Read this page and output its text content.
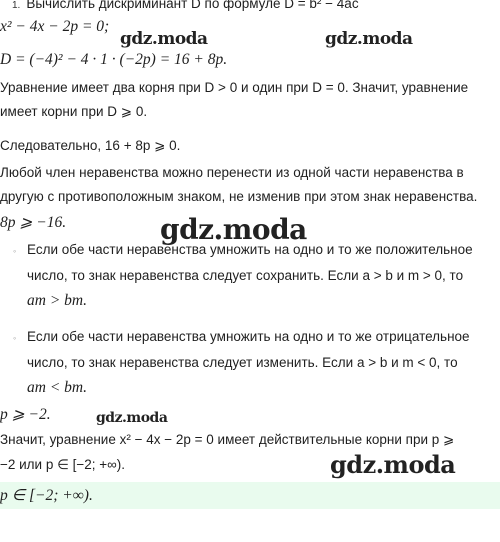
1. Вычислить дискриминант D по формуле D = b² − 4ac
x² − 4x − 2p = 0;
D = (−4)² − 4 · 1 · (−2p) = 16 + 8p.
Уравнение имеет два корня при D > 0 и один при D = 0. Значит, уравнение
имеет корни при D ⩾ 0.
Следовательно, 16 + 8p ⩾ 0.
Любой член неравенства можно перенести из одной части неравенства в
другую с противоположным знаком, не изменив при этом знак неравенства.
8p ⩾ −16.
◦ Если обе части неравенства умножить на одно и то же положительное
число, то знак неравенства следует сохранить. Если a > b и m > 0, то
am > bm.
◦ Если обе части неравенства умножить на одно и то же отрицательное
число, то знак неравенства следует изменить. Если a > b и m < 0, то
am < bm.
p ⩾ −2.
Значит, уравнение x² − 4x − 2p = 0 имеет действительные корни при p ⩾
−2 или p ∈ [−2; +∞).
p ∈ [−2; +∞).
gdz.moda	gdz.moda
gdz.moda
gdz.moda
gdz.moda
